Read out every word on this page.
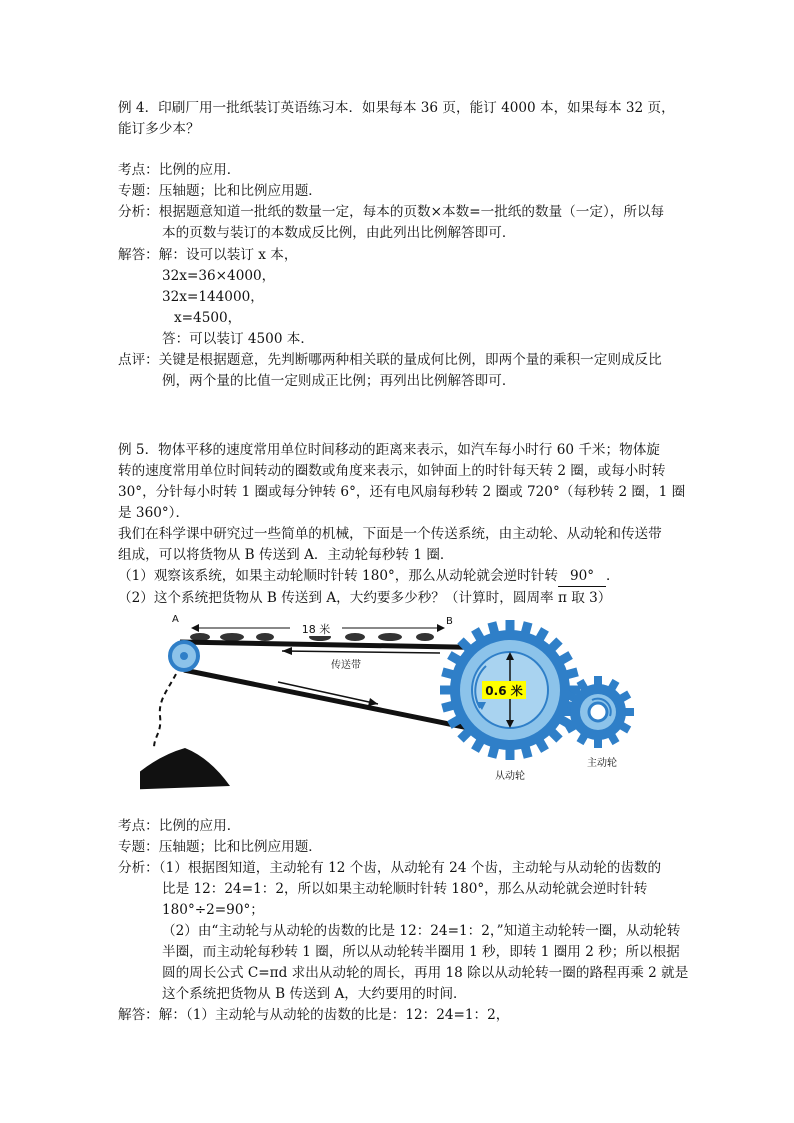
例 4．印刷厂用一批纸装订英语练习本．如果每本 36 页，能订 4000 本，如果每本 32 页，
能订多少本？
考点：比例的应用．
专题：压轴题；比和比例应用题．
分析：根据题意知道一批纸的数量一定，每本的页数×本数=一批纸的数量（一定），所以每
本的页数与装订的本数成反比例，由此列出比例解答即可．
解答：解：设可以装订 x 本，
32x=36×4000，
32x=144000，
x=4500，
答：可以装订 4500 本．
点评：关键是根据题意，先判断哪两种相关联的量成何比例，即两个量的乘积一定则成反比
例，两个量的比值一定则成正比例；再列出比例解答即可．
例 5．物体平移的速度常用单位时间移动的距离来表示，如汽车每小时行 60 千米；物体旋
转的速度常用单位时间转动的圈数或角度来表示，如钟面上的时针每天转 2 圈，或每小时转
30°，分针每小时转 1 圈或每分钟转 6°，还有电风扇每秒转 2 圈或 720°（每秒转 2 圈，1 圈
是 360°）．
我们在科学课中研究过一些简单的机械，下面是一个传送系统，由主动轮、从动轮和传送带
组成，可以将货物从 B 传送到 A．主动轮每秒转 1 圈．
（1）观察该系统，如果主动轮顺时针转 180°，那么从动轮就会逆时针转 90° ．
（2）这个系统把货物从 B 传送到 A，大约要多少秒？（计算时，圆周率 π 取 3）
18 米
A	B
传送带
0.6 米
从动轮
主动轮
考点：比例的应用．
专题：压轴题；比和比例应用题．
分析：（1）根据图知道，主动轮有 12 个齿，从动轮有 24 个齿，主动轮与从动轮的齿数的
比是 12：24=1：2，所以如果主动轮顺时针转 180°，那么从动轮就会逆时针转
180°÷2=90°；
（2）由“主动轮与从动轮的齿数的比是 12：24=1：2，”知道主动轮转一圈，从动轮转
半圈，而主动轮每秒转 1 圈，所以从动轮转半圈用 1 秒，即转 1 圈用 2 秒；所以根据
圆的周长公式 C=πd 求出从动轮的周长，再用 18 除以从动轮转一圈的路程再乘 2 就是
这个系统把货物从 B 传送到 A，大约要用的时间．
解答：解：（1）主动轮与从动轮的齿数的比是：12：24=1：2，
